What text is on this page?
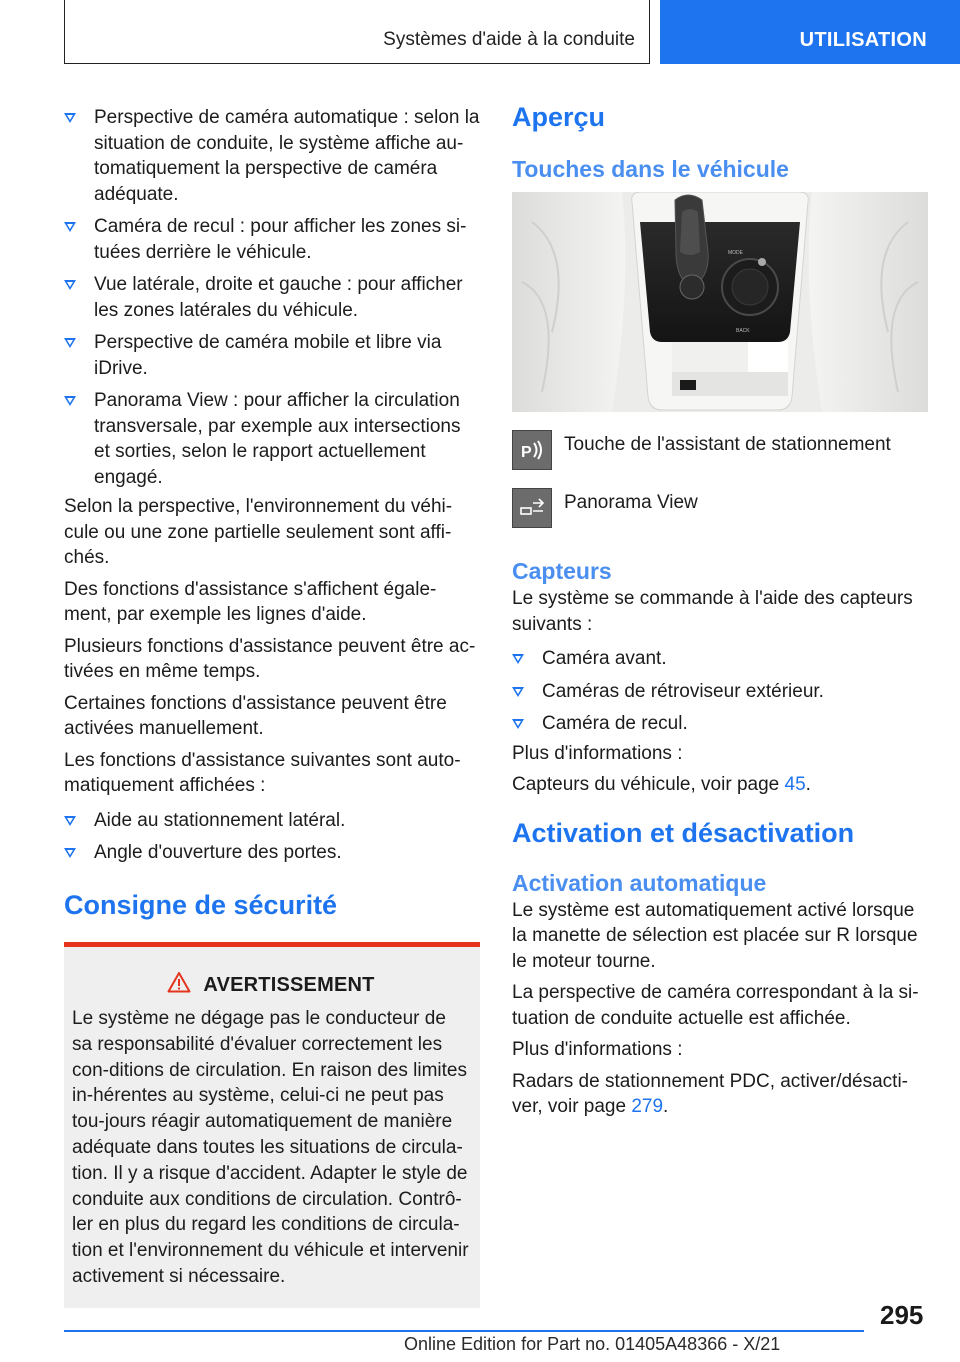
Systèmes d'aide à la conduite	UTILISATION
Perspective de caméra automatique : selon la situation de conduite, le système affiche au-tomatiquement la perspective de caméra adéquate.
Caméra de recul : pour afficher les zones si-tuées derrière le véhicule.
Vue latérale, droite et gauche : pour afficher les zones latérales du véhicule.
Perspective de caméra mobile et libre via iDrive.
Panorama View : pour afficher la circulation transversale, par exemple aux intersections et sorties, selon le rapport actuellement engagé.

Selon la perspective, l'environnement du véhi-cule ou une zone partielle seulement sont affi-chés.

Des fonctions d'assistance s'affichent égale-ment, par exemple les lignes d'aide.

Plusieurs fonctions d'assistance peuvent être ac-tivées en même temps.

Certaines fonctions d'assistance peuvent être activées manuellement.

Les fonctions d'assistance suivantes sont auto-matiquement affichées :

Aide au stationnement latéral.
Angle d'ouverture des portes.
Consigne de sécurité
AVERTISSEMENT

Le système ne dégage pas le conducteur de sa responsabilité d'évaluer correctement les con-ditions de circulation. En raison des limites in-hérentes au système, celui-ci ne peut pas tou-jours réagir automatiquement de manière adéquate dans toutes les situations de circula-tion. Il y a risque d'accident. Adapter le style de conduite aux conditions de circulation. Contrô-ler en plus du regard les conditions de circula-tion et l'environnement du véhicule et intervenir activement si nécessaire.

Aperçu
Touches dans le véhicule
MODE
BACK
P Touche de l'assistant de stationnement
Panorama View
Capteurs

Le système se commande à l'aide des capteurs suivants :

Caméra avant.
Caméras de rétroviseur extérieur.
Caméra de recul.

Plus d'informations :

Capteurs du véhicule, voir page 45.

Activation et désactivation
Activation automatique

Le système est automatiquement activé lorsque la manette de sélection est placée sur R lorsque le moteur tourne.

La perspective de caméra correspondant à la si-tuation de conduite actuelle est affichée.

Plus d'informations :

Radars de stationnement PDC, activer/désacti-ver, voir page 279.

295
Online Edition for Part no. 01405A48366 - X/21
